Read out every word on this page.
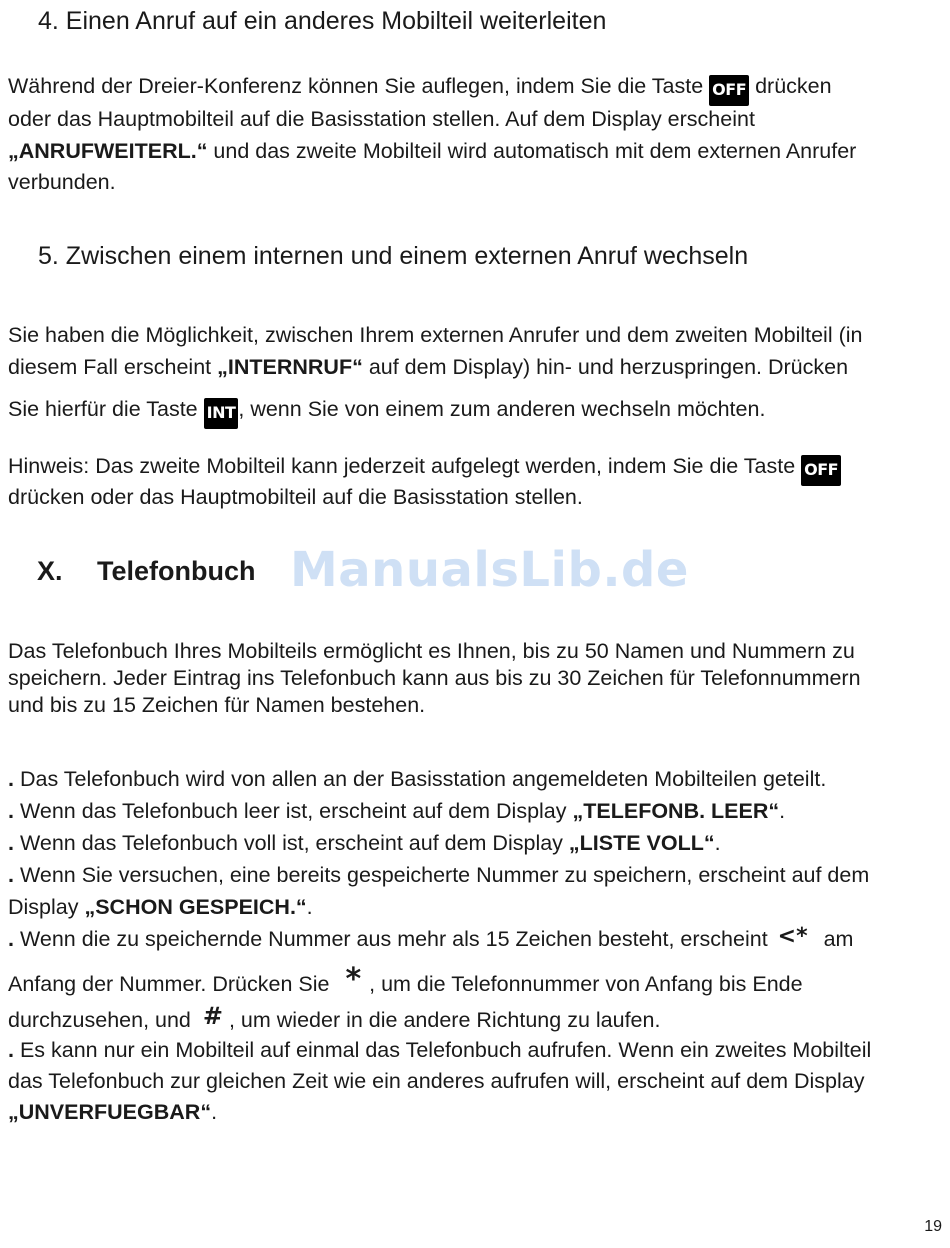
4. Einen Anruf auf ein anderes Mobilteil weiterleiten
Während der Dreier-Konferenz können Sie auflegen, indem Sie die Taste OFF drücken
oder das Hauptmobilteil auf die Basisstation stellen. Auf dem Display erscheint
„ANRUFWEITERL.“ und das zweite Mobilteil wird automatisch mit dem externen Anrufer
verbunden.
5. Zwischen einem internen und einem externen Anruf wechseln
Sie haben die Möglichkeit, zwischen Ihrem externen Anrufer und dem zweiten Mobilteil (in
diesem Fall erscheint „INTERNRUF“ auf dem Display) hin- und herzuspringen. Drücken
Sie hierfür die Taste INT , wenn Sie von einem zum anderen wechseln möchten.
Hinweis: Das zweite Mobilteil kann jederzeit aufgelegt werden, indem Sie die Taste OFF
drücken oder das Hauptmobilteil auf die Basisstation stellen.
X. Telefonbuch ManualsLib.de
Das Telefonbuch Ihres Mobilteils ermöglicht es Ihnen, bis zu 50 Namen und Nummern zu
speichern. Jeder Eintrag ins Telefonbuch kann aus bis zu 30 Zeichen für Telefonnummern
und bis zu 15 Zeichen für Namen bestehen.
. Das Telefonbuch wird von allen an der Basisstation angemeldeten Mobilteilen geteilt.
. Wenn das Telefonbuch leer ist, erscheint auf dem Display „TELEFONB. LEER“.
. Wenn das Telefonbuch voll ist, erscheint auf dem Display „LISTE VOLL“.
. Wenn Sie versuchen, eine bereits gespeicherte Nummer zu speichern, erscheint auf dem
Display „SCHON GESPEICH.“.
. Wenn die zu speichernde Nummer aus mehr als 15 Zeichen besteht, erscheint <* am
Anfang der Nummer. Drücken Sie * , um die Telefonnummer von Anfang bis Ende
durchzusehen, und # , um wieder in die andere Richtung zu laufen.
. Es kann nur ein Mobilteil auf einmal das Telefonbuch aufrufen. Wenn ein zweites Mobilteil
das Telefonbuch zur gleichen Zeit wie ein anderes aufrufen will, erscheint auf dem Display
„UNVERFUEGBAR“.
19
